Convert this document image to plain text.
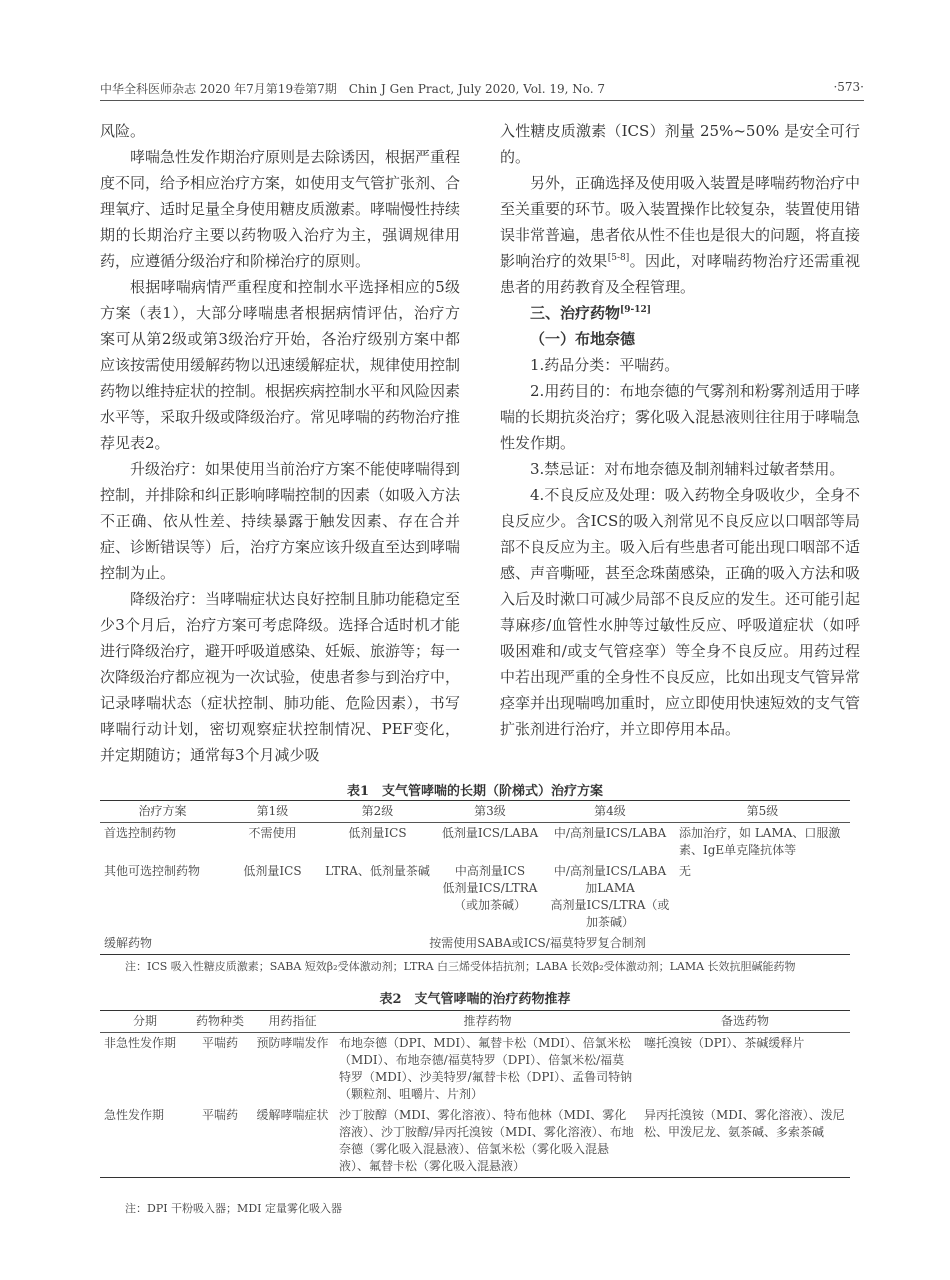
中华全科医师杂志 2020 年7月第19卷第7期　Chin J Gen Pract, July 2020, Vol. 19, No. 7	·573·

风险。

哮喘急性发作期治疗原则是去除诱因，根据严重程度不同，给予相应治疗方案，如使用支气管扩张剂、合理氧疗、适时足量全身使用糖皮质激素。哮喘慢性持续期的长期治疗主要以药物吸入治疗为主，强调规律用药，应遵循分级治疗和阶梯治疗的原则。

根据哮喘病情严重程度和控制水平选择相应的5级方案（表1），大部分哮喘患者根据病情评估，治疗方案可从第2级或第3级治疗开始，各治疗级别方案中都应该按需使用缓解药物以迅速缓解症状，规律使用控制药物以维持症状的控制。根据疾病控制水平和风险因素水平等，采取升级或降级治疗。常见哮喘的药物治疗推荐见表2。

升级治疗：如果使用当前治疗方案不能使哮喘得到控制，并排除和纠正影响哮喘控制的因素（如吸入方法不正确、依从性差、持续暴露于触发因素、存在合并症、诊断错误等）后，治疗方案应该升级直至达到哮喘控制为止。

降级治疗：当哮喘症状达良好控制且肺功能稳定至少3个月后，治疗方案可考虑降级。选择合适时机才能进行降级治疗，避开呼吸道感染、妊娠、旅游等；每一次降级治疗都应视为一次试验，使患者参与到治疗中，记录哮喘状态（症状控制、肺功能、危险因素），书写哮喘行动计划，密切观察症状控制情况、PEF变化，并定期随访；通常每3个月减少吸

入性糖皮质激素（ICS）剂量 25%~50% 是安全可行的。

另外，正确选择及使用吸入装置是哮喘药物治疗中至关重要的环节。吸入装置操作比较复杂，装置使用错误非常普遍，患者依从性不佳也是很大的问题，将直接影响治疗的效果[5-8]。因此，对哮喘药物治疗还需重视患者的用药教育及全程管理。

三、治疗药物[9-12]
（一）布地奈德

1.药品分类：平喘药。

2.用药目的：布地奈德的气雾剂和粉雾剂适用于哮喘的长期抗炎治疗；雾化吸入混悬液则往往用于哮喘急性发作期。

3.禁忌证：对布地奈德及制剂辅料过敏者禁用。

4.不良反应及处理：吸入药物全身吸收少，全身不良反应少。含ICS的吸入剂常见不良反应以口咽部等局部不良反应为主。吸入后有些患者可能出现口咽部不适感、声音嘶哑，甚至念珠菌感染，正确的吸入方法和吸入后及时漱口可减少局部不良反应的发生。还可能引起荨麻疹/血管性水肿等过敏性反应、呼吸道症状（如呼吸困难和/或支气管痉挛）等全身不良反应。用药过程中若出现严重的全身性不良反应，比如出现支气管异常痉挛并出现喘鸣加重时，应立即使用快速短效的支气管扩张剂进行治疗，并立即停用本品。

表1　支气管哮喘的长期（阶梯式）治疗方案
治疗方案	第1级	第2级	第3级	第4级	第5级
首选控制药物	不需使用	低剂量ICS	低剂量ICS/LABA	中/高剂量ICS/LABA	添加治疗，如 LAMA、口服激素、IgE单克隆抗体等
其他可选控制药物	低剂量ICS	LTRA、低剂量茶碱	中高剂量ICS
低剂量ICS/LTRA
（或加茶碱）	中/高剂量ICS/LABA加LAMA
高剂量ICS/LTRA（或加茶碱）	无
缓解药物	按需使用SABA或ICS/福莫特罗复合制剂				
注：ICS 吸入性糖皮质激素；SABA 短效β₂受体激动剂；LTRA 白三烯受体拮抗剂；LABA 长效β₂受体激动剂；LAMA 长效抗胆碱能药物
表2　支气管哮喘的治疗药物推荐
分期	药物种类	用药指征	推荐药物	备选药物
非急性发作期	平喘药	预防哮喘发作	布地奈德（DPI、MDI）、氟替卡松（MDI）、倍氯米松（MDI）、布地奈德/福莫特罗（DPI）、倍氯米松/福莫特罗（MDI）、沙美特罗/氟替卡松（DPI）、孟鲁司特钠（颗粒剂、咀嚼片、片剂）	噻托溴铵（DPI）、茶碱缓释片
急性发作期	平喘药	缓解哮喘症状	沙丁胺醇（MDI、雾化溶液）、特布他林（MDI、雾化溶液）、沙丁胺醇/异丙托溴铵（MDI、雾化溶液）、布地奈德（雾化吸入混悬液）、倍氯米松（雾化吸入混悬液）、氟替卡松（雾化吸入混悬液）	异丙托溴铵（MDI、雾化溶液）、泼尼松、甲泼尼龙、氨茶碱、多索茶碱
注：DPI 干粉吸入器；MDI 定量雾化吸入器
